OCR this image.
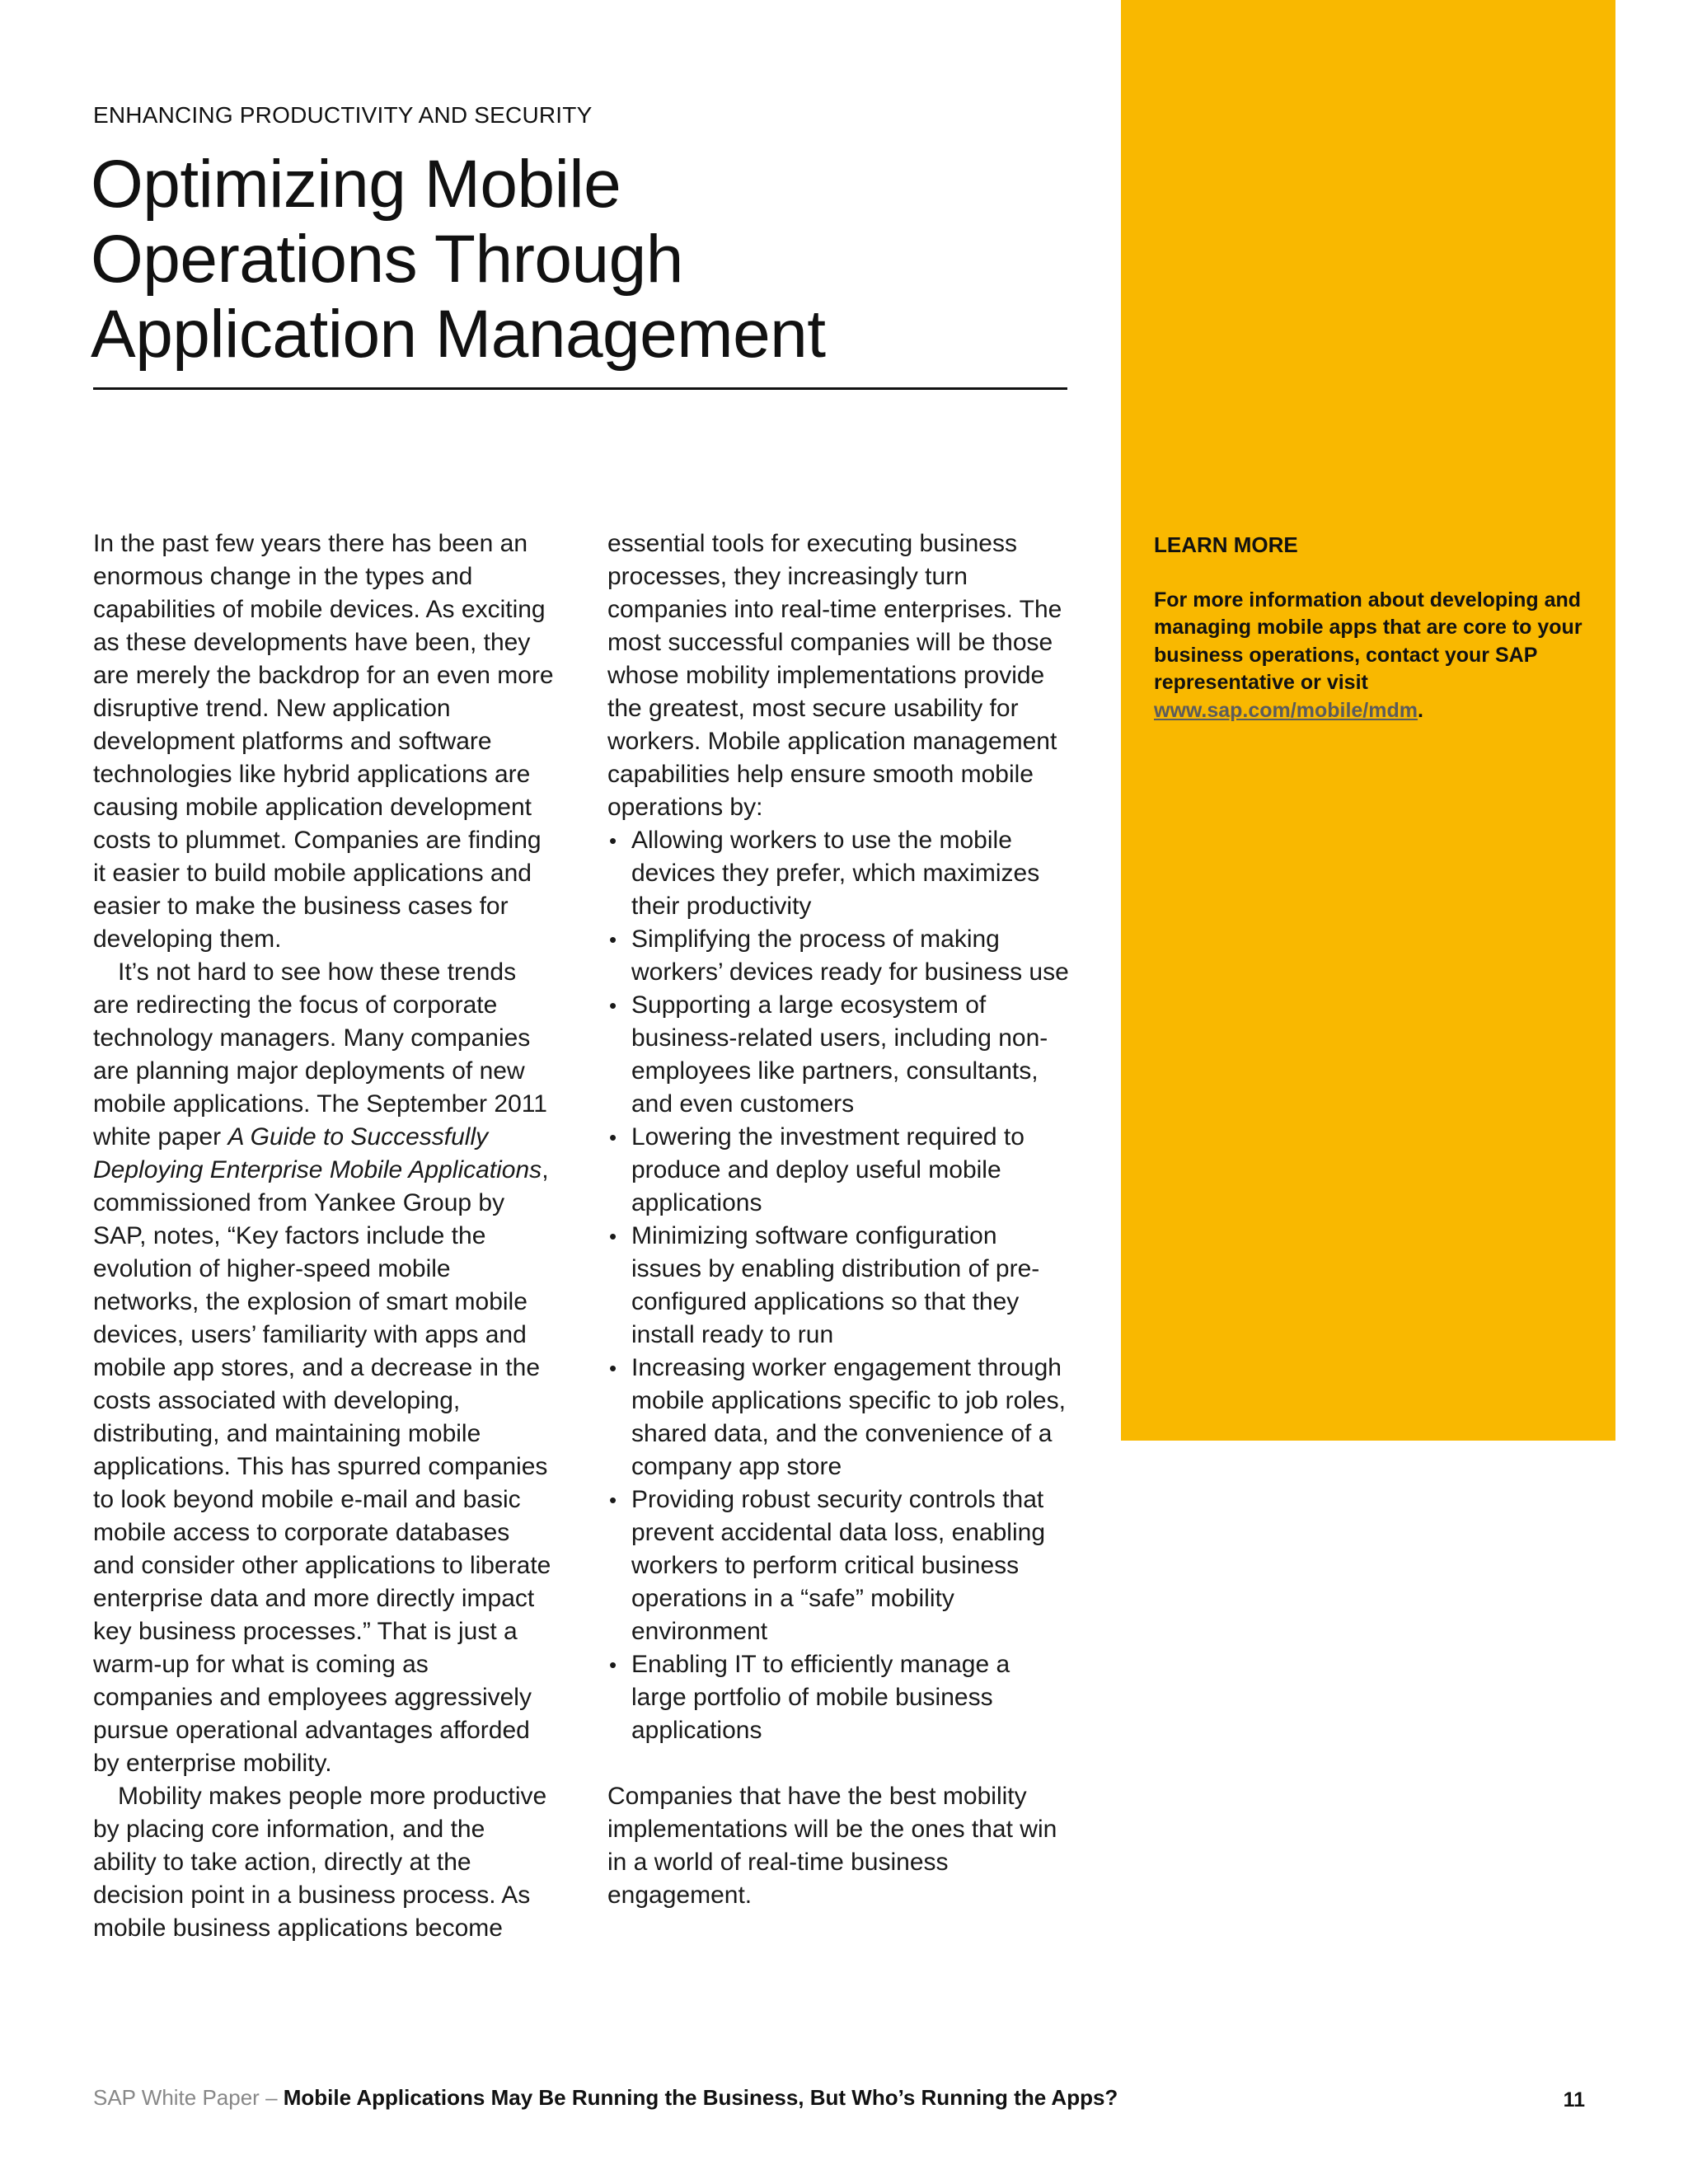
ENHANCING PRODUCTIVITY AND SECURITY
Optimizing Mobile
Operations Through
Application Management
LEARN MORE
For more information about developing and managing mobile apps that are core to your business operations, contact your SAP representative or visit www.sap.com/mobile/mdm.

In the past few years there has been an enormous change in the types and capabilities of mobile devices. As exciting as these developments have been, they are merely the backdrop for an even more disruptive trend. New application development platforms and software technologies like hybrid applications are causing mobile application development costs to plummet. Companies are finding it easier to build mobile applications and easier to make the business cases for developing them.

It’s not hard to see how these trends are redirecting the focus of corporate technology managers. Many companies are planning major deployments of new mobile applications. The September 2011 white paper A Guide to Successfully Deploying Enterprise Mobile Applications, commissioned from Yankee Group by SAP, notes, “Key factors include the evolution of higher-speed mobile networks, the explosion of smart mobile devices, users’ familiarity with apps and mobile app stores, and a decrease in the costs associated with developing, distributing, and maintaining mobile applications. This has spurred companies to look beyond mobile e-mail and basic mobile access to corporate databases and consider other applications to liberate enterprise data and more directly impact key business processes.” That is just a warm-up for what is coming as companies and employees aggressively pursue operational advantages afforded by enterprise mobility.

Mobility makes people more productive by placing core information, and the ability to take action, directly at the decision point in a business process. As mobile business applications become

essential tools for executing business processes, they increasingly turn companies into real-time enterprises. The most successful companies will be those whose mobility implementations provide the greatest, most secure usability for workers. Mobile application management capabilities help ensure smooth mobile operations by:

• Allowing workers to use the mobile devices they prefer, which maximizes their productivity
• Simplifying the process of making workers’ devices ready for business use
• Supporting a large ecosystem of business-related users, including non-employees like partners, consultants, and even customers
• Lowering the investment required to produce and deploy useful mobile applications
• Minimizing software configuration issues by enabling distribution of pre-configured applications so that they install ready to run
• Increasing worker engagement through mobile applications specific to job roles, shared data, and the convenience of a company app store
• Providing robust security controls that prevent accidental data loss, enabling workers to perform critical business operations in a “safe” mobility environment
• Enabling IT to efficiently manage a large portfolio of mobile business applications

Companies that have the best mobility implementations will be the ones that win in a world of real-time business engagement.

SAP White Paper – Mobile Applications May Be Running the Business, But Who’s Running the Apps?	11
